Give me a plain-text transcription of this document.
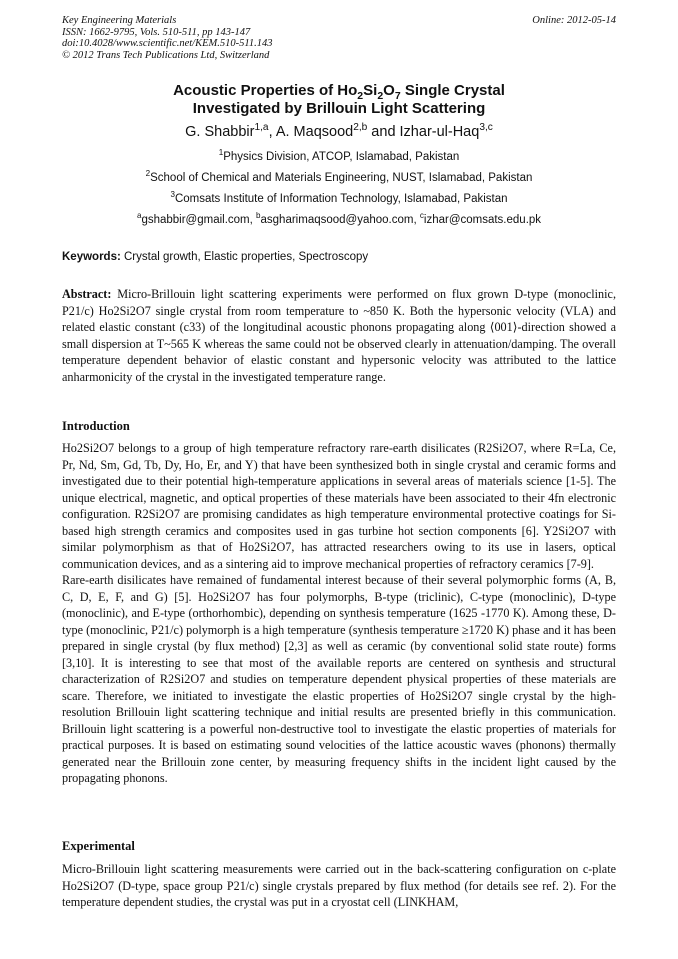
Key Engineering Materials
ISSN: 1662-9795, Vols. 510-511, pp 143-147
doi:10.4028/www.scientific.net/KEM.510-511.143
© 2012 Trans Tech Publications Ltd, Switzerland
Online: 2012-05-14
Acoustic Properties of $Ho_2Si_2O_7$ Single Crystal
Investigated by Brillouin Light Scattering
G. Shabbir$^{1,a}$, A. Maqsood$^{2,b}$ and Izhar-ul-Haq$^{3,c}$
$^1$Physics Division, ATCOP, Islamabad, Pakistan
$^2$School of Chemical and Materials Engineering, NUST, Islamabad, Pakistan
$^3$Comsats Institute of Information Technology, Islamabad, Pakistan
$^a$gshabbir@gmail.com, $^b$asgharimaqsood@yahoo.com, $^c$izhar@comsats.edu.pk
Keywords: Crystal growth, Elastic properties, Spectroscopy
Abstract: Micro-Brillouin light scattering experiments were performed on flux grown D-type (monoclinic, P21/c) Ho2Si2O7 single crystal from room temperature to ~850 K. Both the hypersonic velocity (VLA) and related elastic constant (c33) of the longitudinal acoustic phonons propagating along ⟨001⟩-direction showed a small dispersion at T~565 K whereas the same could not be observed clearly in attenuation/damping. The overall temperature dependent behavior of elastic constant and hypersonic velocity was attributed to the lattice anharmonicity of the crystal in the investigated temperature range.
Introduction

Ho2Si2O7 belongs to a group of high temperature refractory rare-earth disilicates (R2Si2O7, where R=La, Ce, Pr, Nd, Sm, Gd, Tb, Dy, Ho, Er, and Y) that have been synthesized both in single crystal and ceramic forms and investigated due to their potential high-temperature applications in several areas of materials science [1-5]. The unique electrical, magnetic, and optical properties of these materials have been associated to their 4fn electronic configuration. R2Si2O7 are promising candidates as high temperature environmental protective coatings for Si-based high strength ceramics and composites used in gas turbine hot section components [6]. Y2Si2O7 with similar polymorphism as that of Ho2Si2O7, has attracted researchers owing to its use in lasers, optical communication devices, and as a sintering aid to improve mechanical properties of refractory ceramics [7-9].

Rare-earth disilicates have remained of fundamental interest because of their several polymorphic forms (A, B, C, D, E, F, and G) [5]. Ho2Si2O7 has four polymorphs, B-type (triclinic), C-type (monoclinic), D-type (monoclinic), and E-type (orthorhombic), depending on synthesis temperature (1625 -1770 K). Among these, D-type (monoclinic, P21/c) polymorph is a high temperature (synthesis temperature ≥1720 K) phase and it has been prepared in single crystal (by flux method) [2,3] as well as ceramic (by conventional solid state route) forms [3,10]. It is interesting to see that most of the available reports are centered on synthesis and structural characterization of R2Si2O7 and studies on temperature dependent physical properties of these materials are scare. Therefore, we initiated to investigate the elastic properties of Ho2Si2O7 single crystal by the high-resolution Brillouin light scattering technique and initial results are presented briefly in this communication. Brillouin light scattering is a powerful non-destructive tool to investigate the elastic properties of materials for practical purposes. It is based on estimating sound velocities of the lattice acoustic waves (phonons) thermally generated near the Brillouin zone center, by measuring frequency shifts in the incident light caused by the propagating phonons.

Experimental

Micro-Brillouin light scattering measurements were carried out in the back-scattering configuration on c-plate Ho2Si2O7 (D-type, space group P21/c) single crystals prepared by flux method (for details see ref. 2). For the temperature dependent studies, the crystal was put in a cryostat cell (LINKHAM,
